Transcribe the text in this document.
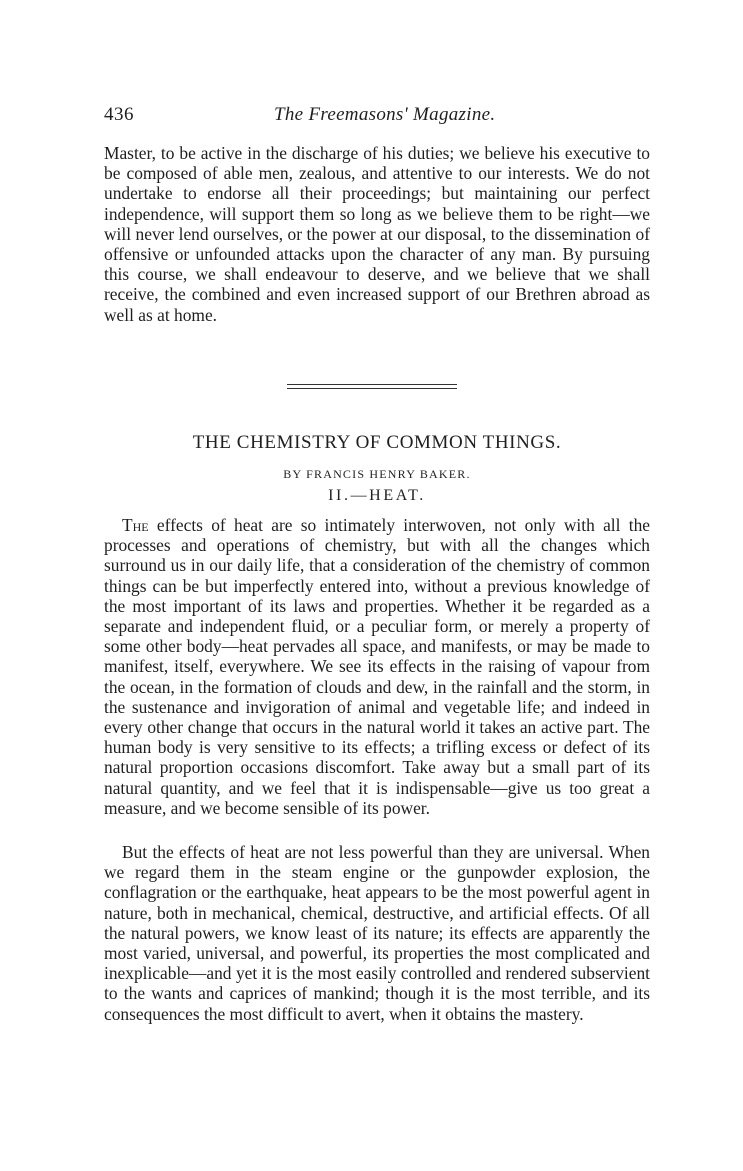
436	The Freemasons' Magazine.

Master, to be active in the discharge of his duties; we believe his executive to be composed of able men, zealous, and attentive to our interests. We do not undertake to endorse all their proceedings; but maintaining our perfect independence, will support them so long as we believe them to be right—we will never lend ourselves, or the power at our disposal, to the dissemination of offensive or unfounded attacks upon the character of any man. By pursuing this course, we shall endeavour to deserve, and we believe that we shall receive, the combined and even increased support of our Brethren abroad as well as at home.

THE CHEMISTRY OF COMMON THINGS.

BY FRANCIS HENRY BAKER.

II.—HEAT.

The effects of heat are so intimately interwoven, not only with all the processes and operations of chemistry, but with all the changes which surround us in our daily life, that a consideration of the chemistry of common things can be but imperfectly entered into, without a previous knowledge of the most important of its laws and properties. Whether it be regarded as a separate and independent fluid, or a peculiar form, or merely a property of some other body—heat pervades all space, and manifests, or may be made to manifest, itself, everywhere. We see its effects in the raising of vapour from the ocean, in the formation of clouds and dew, in the rainfall and the storm, in the sustenance and invigoration of animal and vegetable life; and indeed in every other change that occurs in the natural world it takes an active part. The human body is very sensitive to its effects; a trifling excess or defect of its natural proportion occasions discomfort. Take away but a small part of its natural quantity, and we feel that it is indispensable—give us too great a measure, and we become sensible of its power.

But the effects of heat are not less powerful than they are universal. When we regard them in the steam engine or the gunpowder explosion, the conflagration or the earthquake, heat appears to be the most powerful agent in nature, both in mechanical, chemical, destructive, and artificial effects. Of all the natural powers, we know least of its nature; its effects are apparently the most varied, universal, and powerful, its properties the most complicated and inexplicable—and yet it is the most easily controlled and rendered subservient to the wants and caprices of mankind; though it is the most terrible, and its consequences the most difficult to avert, when it obtains the mastery.
